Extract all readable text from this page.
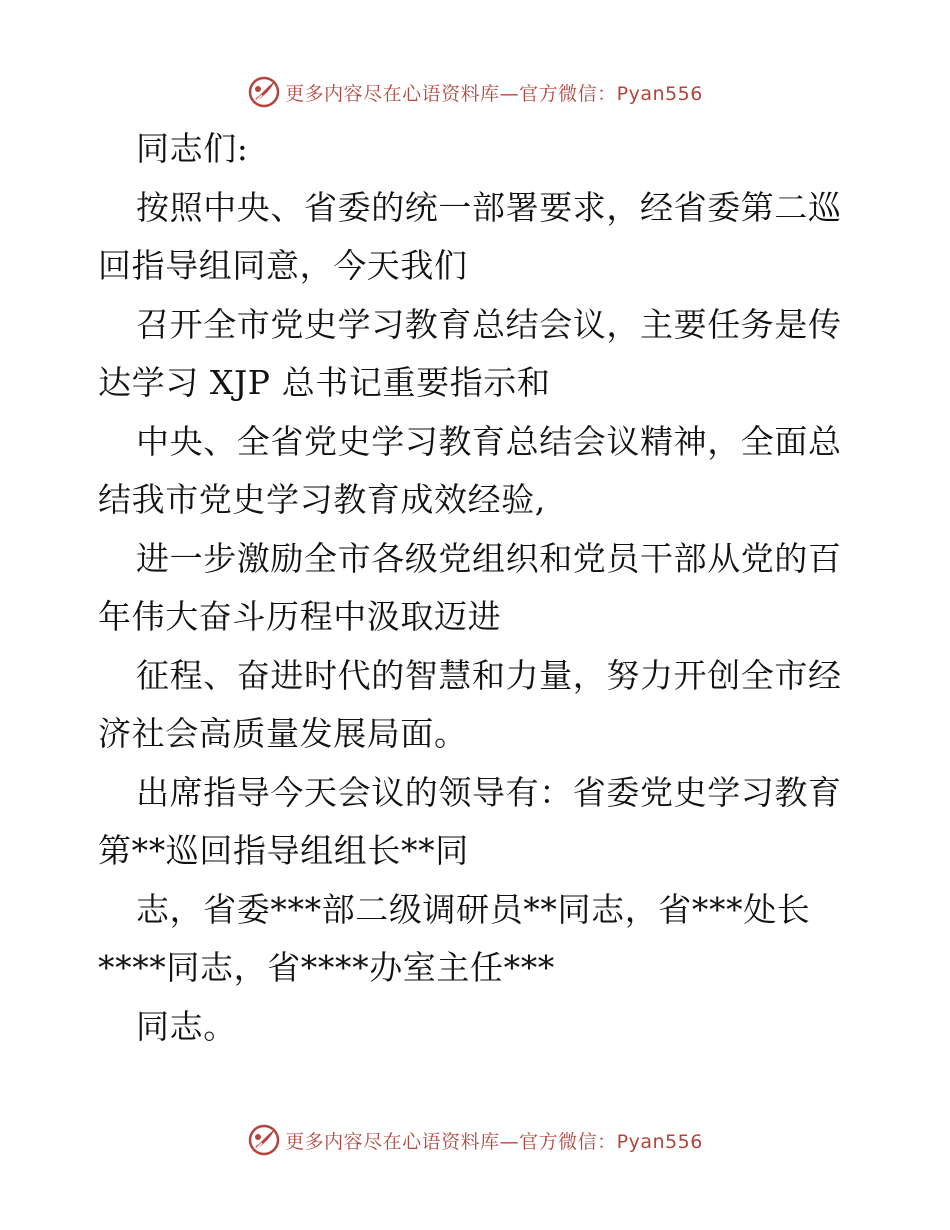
更多内容尽在心语资料库—官方微信：Pyan556
同志们:
按照中央、省委的统一部署要求，经省委第二巡
回指导组同意，今天我们
召开全市党史学习教育总结会议，主要任务是传
达学习 XJP 总书记重要指示和
中央、全省党史学习教育总结会议精神，全面总
结我市党史学习教育成效经验,
进一步激励全市各级党组织和党员干部从党的百
年伟大奋斗历程中汲取迈进
征程、奋进时代的智慧和力量，努力开创全市经
济社会高质量发展局面。
出席指导今天会议的领导有：省委党史学习教育
第**巡回指导组组长**同
志，省委***部二级调研员**同志，省***处长
****同志，省****办室主任***
同志。
更多内容尽在心语资料库—官方微信：Pyan556
